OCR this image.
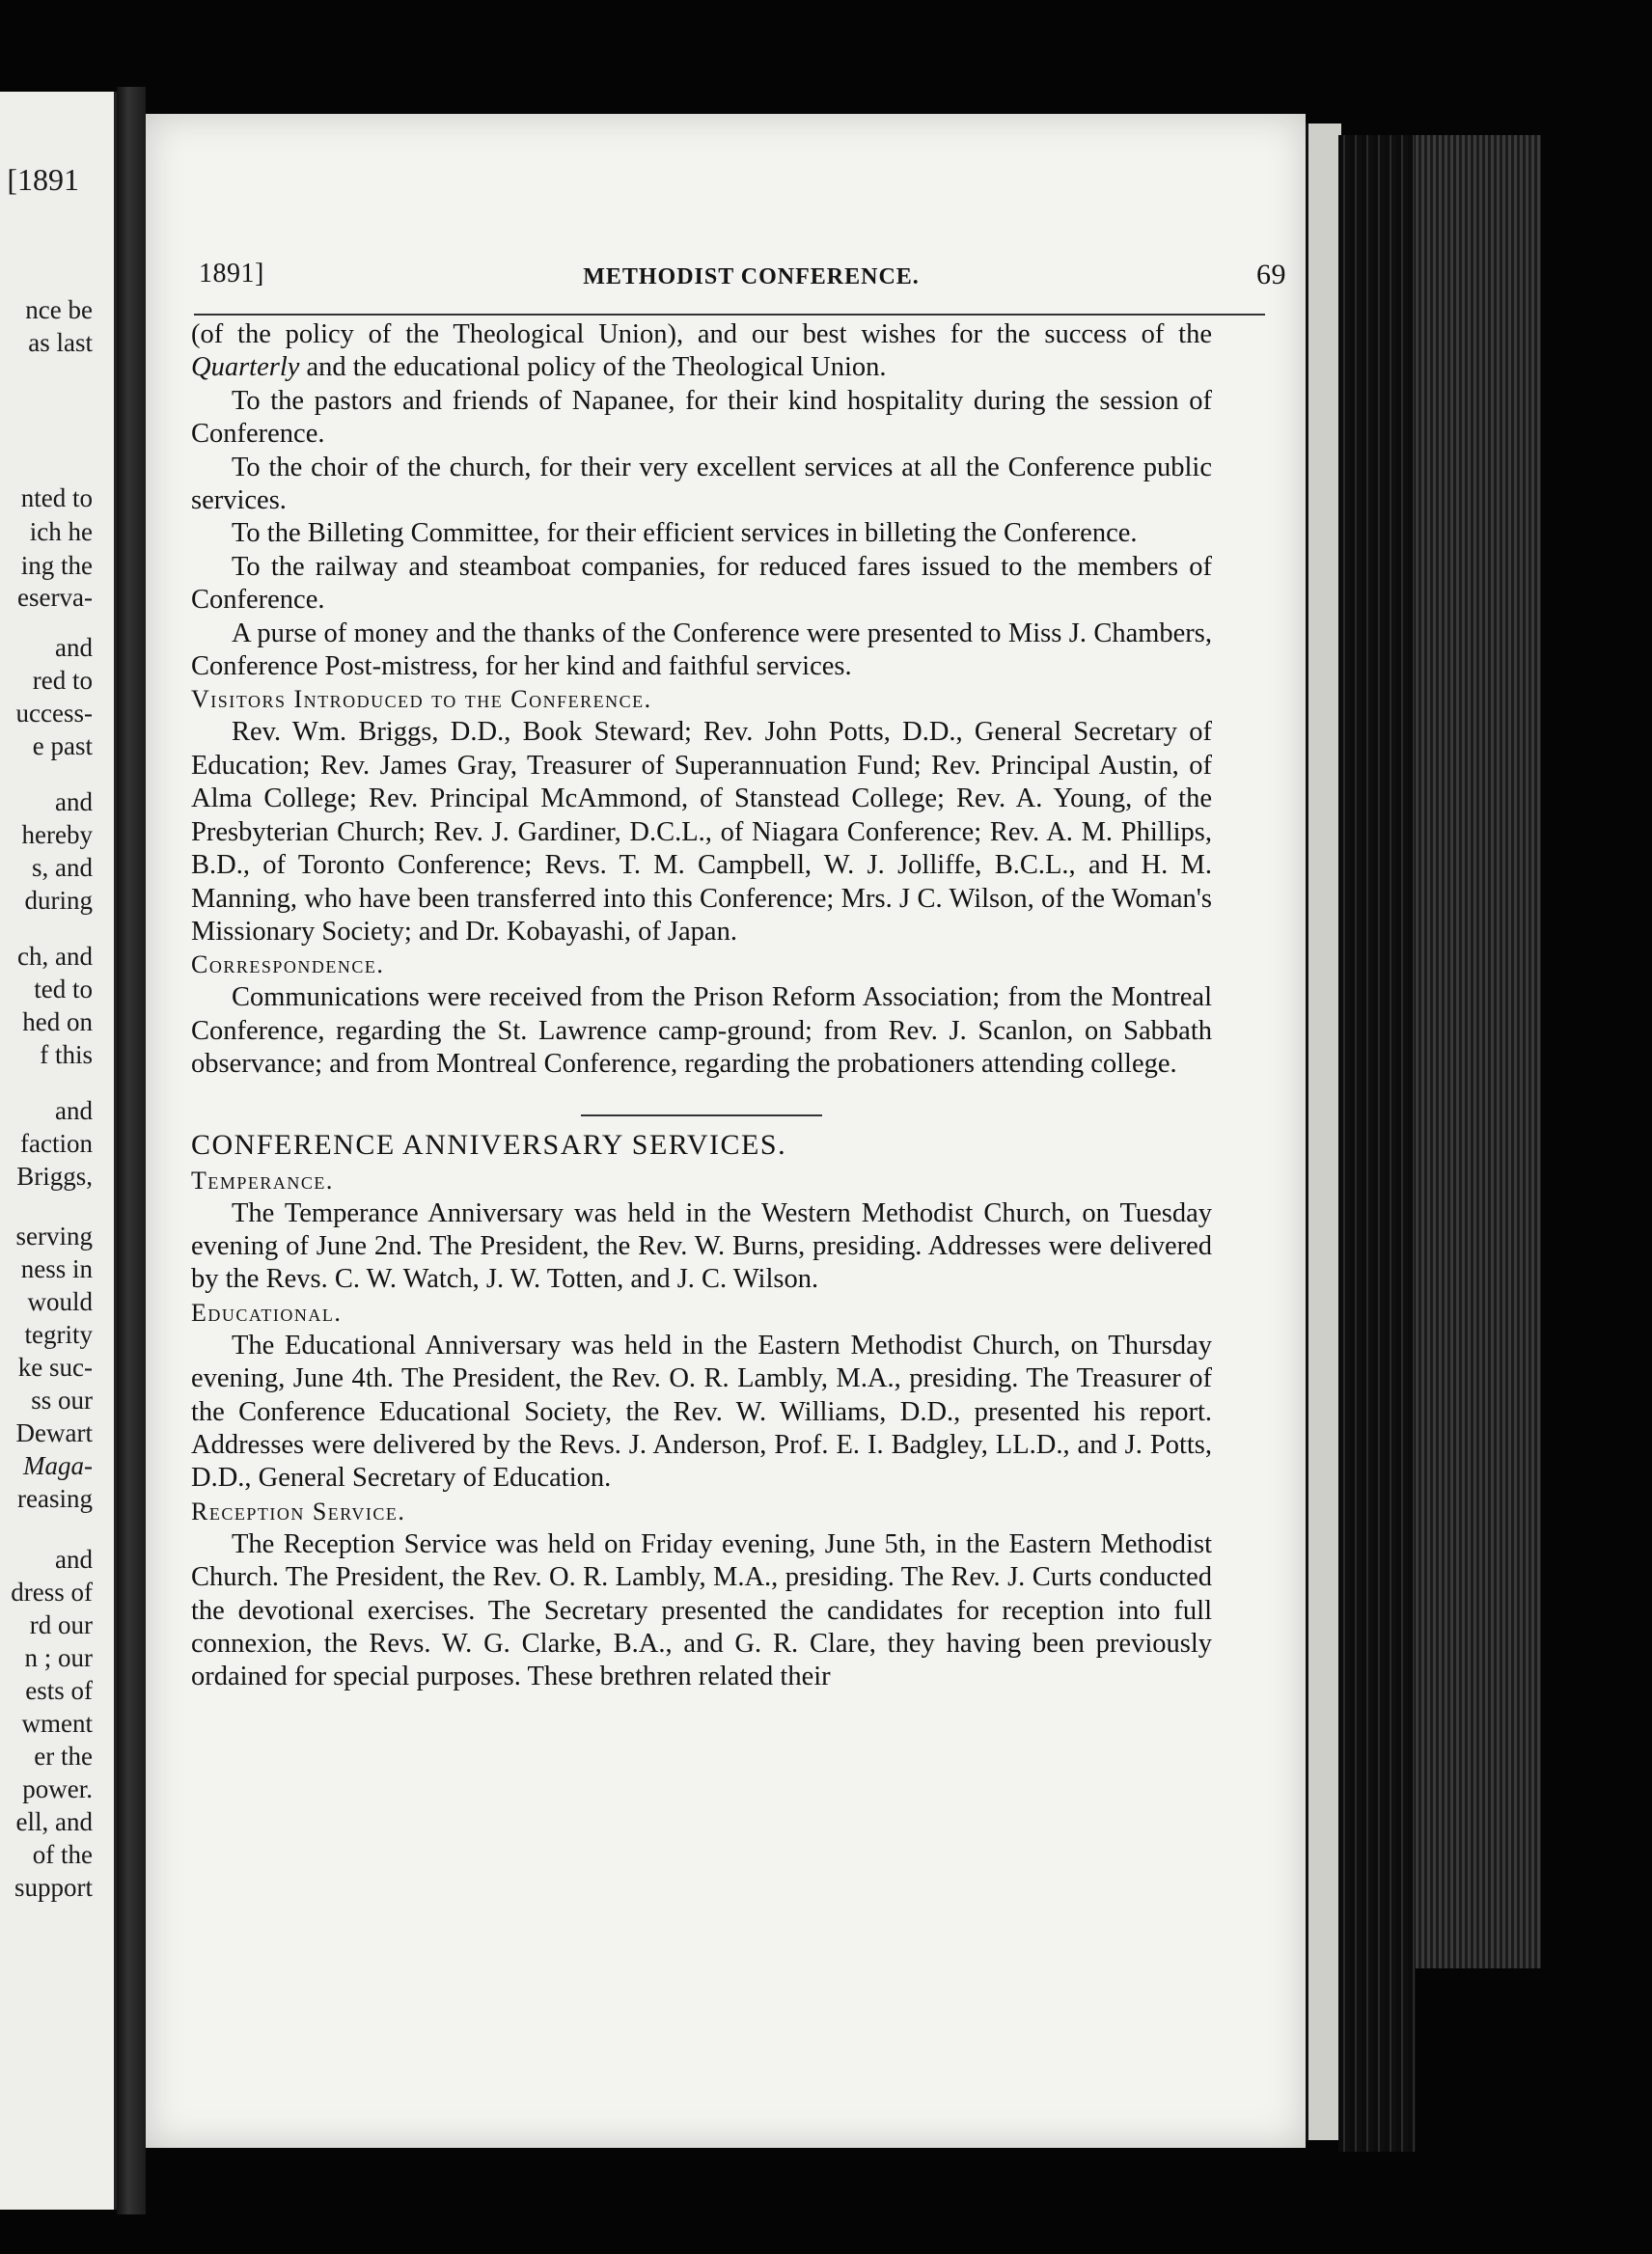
[1891
nce be
as last
nted to
ich he
ing the
eserva-
and
red to
uccess-
e past
and
hereby
s, and
during
ch, and
ted to
hed on
f this
and
faction
Briggs,
serving
ness in
would
tegrity
ke suc-
ss our
Dewart
Maga-
reasing
and
dress of
rd our
n ; our
ests of
wment
er the
power.
ell, and
of the
support
1891]	METHODIST CONFERENCE.	69

(of the policy of the Theological Union), and our best wishes for the success of the Quarterly and the educational policy of the Theological Union.

To the pastors and friends of Napanee, for their kind hospitality during the session of Conference.

To the choir of the church, for their very excellent services at all the Conference public services.

To the Billeting Committee, for their efficient services in billeting the Conference.

To the railway and steamboat companies, for reduced fares issued to the members of Conference.

A purse of money and the thanks of the Conference were presented to Miss J. Chambers, Conference Post-mistress, for her kind and faithful services.

Visitors Introduced to the Conference.

Rev. Wm. Briggs, D.D., Book Steward; Rev. John Potts, D.D., General Secretary of Education; Rev. James Gray, Treasurer of Superannuation Fund; Rev. Principal Austin, of Alma College; Rev. Principal McAmmond, of Stanstead College; Rev. A. Young, of the Presbyterian Church; Rev. J. Gardiner, D.C.L., of Niagara Conference; Rev. A. M. Phillips, B.D., of Toronto Conference; Revs. T. M. Campbell, W. J. Jolliffe, B.C.L., and H. M. Manning, who have been transferred into this Conference; Mrs. J C. Wilson, of the Woman's Missionary Society; and Dr. Kobayashi, of Japan.

Correspondence.

Communications were received from the Prison Reform Association; from the Montreal Conference, regarding the St. Lawrence camp-ground; from Rev. J. Scanlon, on Sabbath observance; and from Montreal Conference, regarding the probationers attending college.

CONFERENCE ANNIVERSARY SERVICES.

Temperance.

The Temperance Anniversary was held in the Western Methodist Church, on Tuesday evening of June 2nd. The President, the Rev. W. Burns, presiding. Addresses were delivered by the Revs. C. W. Watch, J. W. Totten, and J. C. Wilson.

Educational.

The Educational Anniversary was held in the Eastern Methodist Church, on Thursday evening, June 4th. The President, the Rev. O. R. Lambly, M.A., presiding. The Treasurer of the Conference Educational Society, the Rev. W. Williams, D.D., presented his report. Addresses were delivered by the Revs. J. Anderson, Prof. E. I. Badgley, LL.D., and J. Potts, D.D., General Secretary of Education.

Reception Service.

The Reception Service was held on Friday evening, June 5th, in the Eastern Methodist Church. The President, the Rev. O. R. Lambly, M.A., presiding. The Rev. J. Curts conducted the devotional exercises. The Secretary presented the candidates for reception into full connexion, the Revs. W. G. Clarke, B.A., and G. R. Clare, they having been previously ordained for special purposes. These brethren related their
